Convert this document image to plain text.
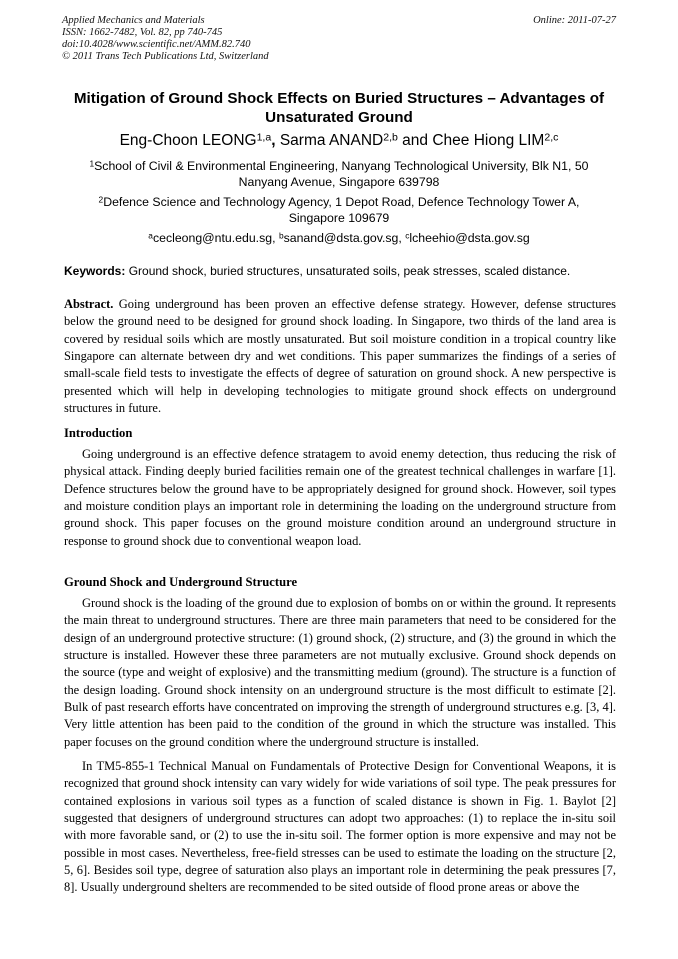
Applied Mechanics and Materials
ISSN: 1662-7482, Vol. 82, pp 740-745
doi:10.4028/www.scientific.net/AMM.82.740
© 2011 Trans Tech Publications Ltd, Switzerland
Online: 2011-07-27
Mitigation of Ground Shock Effects on Buried Structures – Advantages of Unsaturated Ground
Eng-Choon LEONG$^{1,a}$, Sarma ANAND$^{2,b}$ and Chee Hiong LIM$^{2,c}$
$^1$School of Civil & Environmental Engineering, Nanyang Technological University, Blk N1, 50 Nanyang Avenue, Singapore 639798
$^2$Defence Science and Technology Agency, 1 Depot Road, Defence Technology Tower A, Singapore 109679
$^a$cecleong@ntu.edu.sg, $^b$sanand@dsta.gov.sg, $^c$lcheehio@dsta.gov.sg
Keywords: Ground shock, buried structures, unsaturated soils, peak stresses, scaled distance.

Abstract. Going underground has been proven an effective defense strategy. However, defense structures below the ground need to be designed for ground shock loading. In Singapore, two thirds of the land area is covered by residual soils which are mostly unsaturated. But soil moisture condition in a tropical country like Singapore can alternate between dry and wet conditions. This paper summarizes the findings of a series of small-scale field tests to investigate the effects of degree of saturation on ground shock. A new perspective is presented which will help in developing technologies to mitigate ground shock effects on underground structures in future.

Introduction

Going underground is an effective defence stratagem to avoid enemy detection, thus reducing the risk of physical attack. Finding deeply buried facilities remain one of the greatest technical challenges in warfare [1]. Defence structures below the ground have to be appropriately designed for ground shock. However, soil types and moisture condition plays an important role in determining the loading on the underground structure from ground shock. This paper focuses on the ground moisture condition around an underground structure in response to ground shock due to conventional weapon load.

Ground Shock and Underground Structure

Ground shock is the loading of the ground due to explosion of bombs on or within the ground. It represents the main threat to underground structures. There are three main parameters that need to be considered for the design of an underground protective structure: (1) ground shock, (2) structure, and (3) the ground in which the structure is installed. However these three parameters are not mutually exclusive. Ground shock depends on the source (type and weight of explosive) and the transmitting medium (ground). The structure is a function of the design loading. Ground shock intensity on an underground structure is the most difficult to estimate [2]. Bulk of past research efforts have concentrated on improving the strength of underground structures e.g. [3, 4]. Very little attention has been paid to the condition of the ground in which the structure was installed. This paper focuses on the ground condition where the underground structure is installed.

In TM5-855-1 Technical Manual on Fundamentals of Protective Design for Conventional Weapons, it is recognized that ground shock intensity can vary widely for wide variations of soil type. The peak pressures for contained explosions in various soil types as a function of scaled distance is shown in Fig. 1. Baylot [2] suggested that designers of underground structures can adopt two approaches: (1) to replace the in-situ soil with more favorable sand, or (2) to use the in-situ soil. The former option is more expensive and may not be possible in most cases. Nevertheless, free-field stresses can be used to estimate the loading on the structure [2, 5, 6]. Besides soil type, degree of saturation also plays an important role in determining the peak pressures [7, 8]. Usually underground shelters are recommended to be sited outside of flood prone areas or above the
